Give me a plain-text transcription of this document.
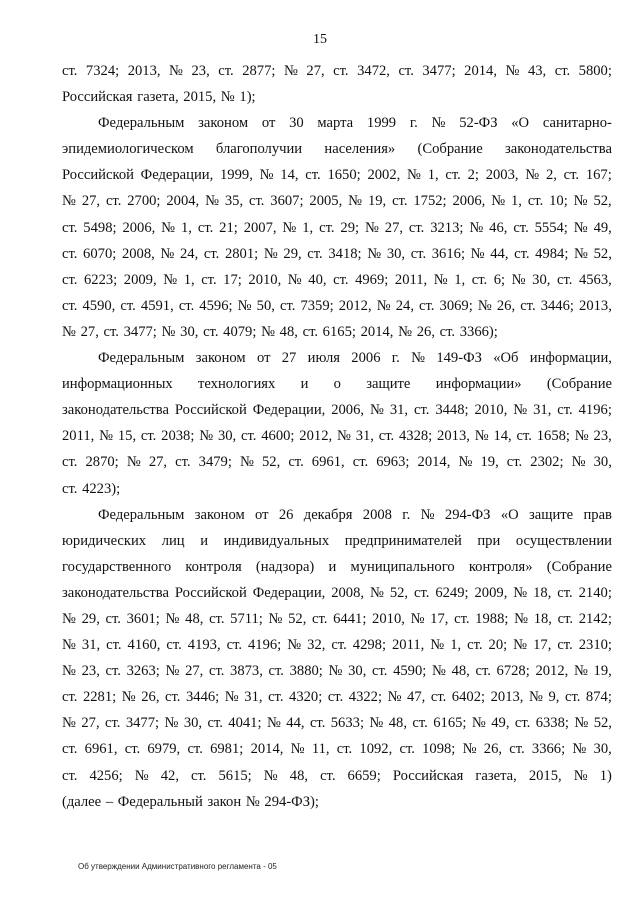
15
ст. 7324; 2013, № 23, ст. 2877; № 27, ст. 3472, ст. 3477; 2014, № 43, ст. 5800;
Российская газета, 2015, № 1);
Федеральным законом от 30 марта 1999 г. № 52-ФЗ «О санитарно-
эпидемиологическом благополучии населения» (Собрание законодательства
Российской Федерации, 1999, № 14, ст. 1650; 2002, № 1, ст. 2; 2003, № 2, ст. 167;
№ 27, ст. 2700; 2004, № 35, ст. 3607; 2005, № 19, ст. 1752; 2006, № 1, ст. 10; № 52,
ст. 5498; 2006, № 1, ст. 21; 2007, № 1, ст. 29; № 27, ст. 3213; № 46, ст. 5554; № 49,
ст. 6070; 2008, № 24, ст. 2801; № 29, ст. 3418; № 30, ст. 3616; № 44, ст. 4984; № 52,
ст. 6223; 2009, № 1, ст. 17; 2010, № 40, ст. 4969; 2011, № 1, ст. 6; № 30, ст. 4563,
ст. 4590, ст. 4591, ст. 4596; № 50, ст. 7359; 2012, № 24, ст. 3069; № 26, ст. 3446; 2013,
№ 27, ст. 3477; № 30, ст. 4079; № 48, ст. 6165; 2014, № 26, ст. 3366);
Федеральным законом от 27 июля 2006 г. № 149-ФЗ «Об информации,
информационных технологиях и о защите информации» (Собрание
законодательства Российской Федерации, 2006, № 31, ст. 3448; 2010, № 31, ст. 4196;
2011, № 15, ст. 2038; № 30, ст. 4600; 2012, № 31, ст. 4328; 2013, № 14, ст. 1658; № 23,
ст. 2870; № 27, ст. 3479; № 52, ст. 6961, ст. 6963; 2014, № 19, ст. 2302; № 30,
ст. 4223);
Федеральным законом от 26 декабря 2008 г. № 294-ФЗ «О защите прав
юридических лиц и индивидуальных предпринимателей при осуществлении
государственного контроля (надзора) и муниципального контроля» (Собрание
законодательства Российской Федерации, 2008, № 52, ст. 6249; 2009, № 18, ст. 2140;
№ 29, ст. 3601; № 48, ст. 5711; № 52, ст. 6441; 2010, № 17, ст. 1988; № 18, ст. 2142;
№ 31, ст. 4160, ст. 4193, ст. 4196; № 32, ст. 4298; 2011, № 1, ст. 20; № 17, ст. 2310;
№ 23, ст. 3263; № 27, ст. 3873, ст. 3880; № 30, ст. 4590; № 48, ст. 6728; 2012, № 19,
ст. 2281; № 26, ст. 3446; № 31, ст. 4320; ст. 4322; № 47, ст. 6402; 2013, № 9, ст. 874;
№ 27, ст. 3477; № 30, ст. 4041; № 44, ст. 5633; № 48, ст. 6165; № 49, ст. 6338; № 52,
ст. 6961, ст. 6979, ст. 6981; 2014, № 11, ст. 1092, ст. 1098; № 26, ст. 3366; № 30,
ст. 4256; № 42, ст. 5615; № 48, ст. 6659; Российская газета, 2015, № 1)
(далее – Федеральный закон № 294-ФЗ);
Об утверждении Административного регламента - 05
